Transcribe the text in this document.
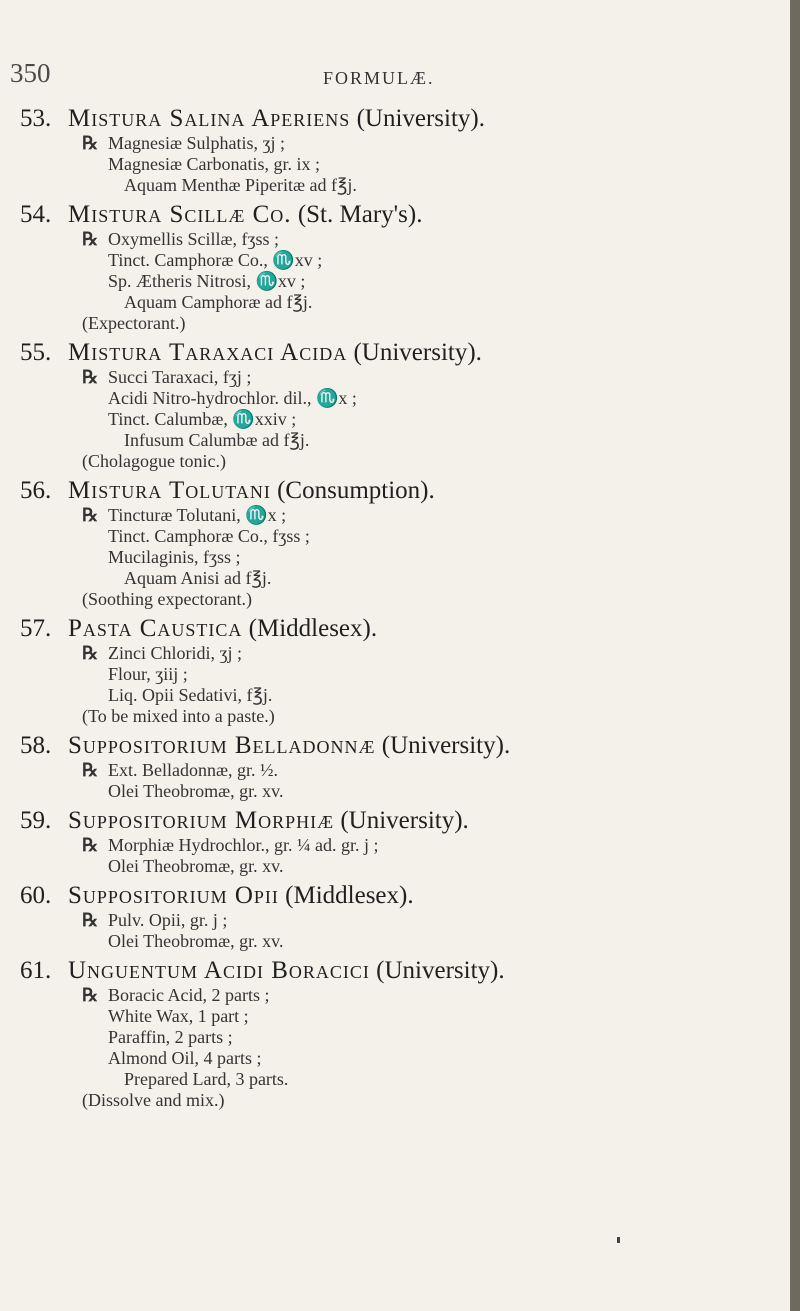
350	FORMULÆ.
53. Mistura Salina Aperiens (University).
℞ Magnesiæ Sulphatis, ʒj ;
Magnesiæ Carbonatis, gr. ix ;
Aquam Menthæ Piperitæ ad f℥j.
54. Mistura Scillæ Co. (St. Mary's).
℞ Oxymellis Scillæ, fʒss ;
Tinct. Camphoræ Co., ♏xv ;
Sp. Ætheris Nitrosi, ♏xv ;
Aquam Camphoræ ad f℥j.
(Expectorant.)
55. Mistura Taraxaci Acida (University).
℞ Succi Taraxaci, fʒj ;
Acidi Nitro-hydrochlor. dil., ♏x ;
Tinct. Calumbæ, ♏xxiv ;
Infusum Calumbæ ad f℥j.
(Cholagogue tonic.)
56. Mistura Tolutani (Consumption).
℞ Tincturæ Tolutani, ♏x ;
Tinct. Camphoræ Co., fʒss ;
Mucilaginis, fʒss ;
Aquam Anisi ad f℥j.
(Soothing expectorant.)
57. Pasta Caustica (Middlesex).
℞ Zinci Chloridi, ʒj ;
Flour, ʒiij ;
Liq. Opii Sedativi, f℥j.
(To be mixed into a paste.)
58. Suppositorium Belladonnæ (University).
℞ Ext. Belladonnæ, gr. ½.
Olei Theobromæ, gr. xv.
59. Suppositorium Morphiæ (University).
℞ Morphiæ Hydrochlor., gr. ¼ ad. gr. j ;
Olei Theobromæ, gr. xv.
60. Suppositorium Opii (Middlesex).
℞ Pulv. Opii, gr. j ;
Olei Theobromæ, gr. xv.
61. Unguentum Acidi Boracici (University).
℞ Boracic Acid, 2 parts ;
White Wax, 1 part ;
Paraffin, 2 parts ;
Almond Oil, 4 parts ;
Prepared Lard, 3 parts.
(Dissolve and mix.)
